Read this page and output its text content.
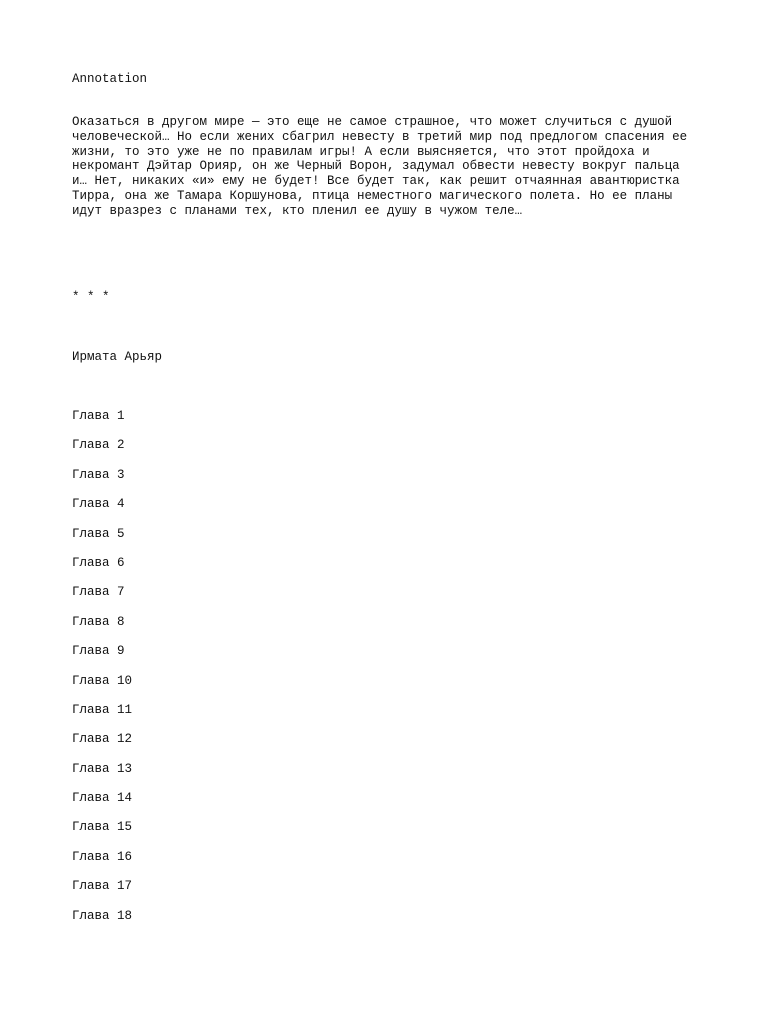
Annotation

Оказаться в другом мире — это еще не самое страшное, что может случиться с душой человеческой… Но если жених сбагрил невесту в третий мир под предлогом спасения ее жизни, то это уже не по правилам игры! А если выясняется, что этот пройдоха и некромант Дэйтар Орияр, он же Черный Ворон, задумал обвести невесту вокруг пальца и… Нет, никаких «и» ему не будет! Все будет так, как решит отчаянная авантюристка Тирра, она же Тамара Коршунова, птица неместного магического полета. Но ее планы идут вразрез с планами тех, кто пленил ее душу в чужом теле…

* * *

Ирмата Арьяр

Глава 1
Глава 2
Глава 3
Глава 4
Глава 5
Глава 6
Глава 7
Глава 8
Глава 9
Глава 10
Глава 11
Глава 12
Глава 13
Глава 14
Глава 15
Глава 16
Глава 17
Глава 18
